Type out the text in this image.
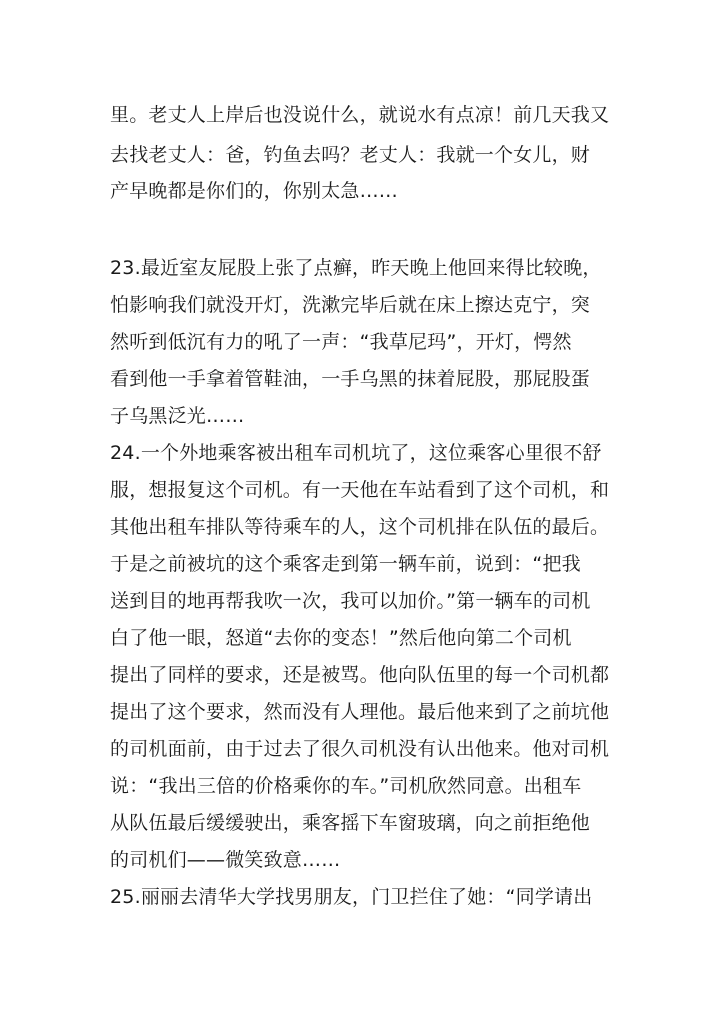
里。老丈人上岸后也没说什么，就说水有点凉！前几天我又

去找老丈人：爸，钓鱼去吗？老丈人：我就一个女儿，财

产早晚都是你们的，你别太急……

23.最近室友屁股上张了点癣，昨天晚上他回来得比较晚，

怕影响我们就没开灯，洗漱完毕后就在床上擦达克宁，突

然听到低沉有力的吼了一声：“我草尼玛”，开灯，愕然

看到他一手拿着管鞋油，一手乌黑的抹着屁股，那屁股蛋

子乌黑泛光……

24.一个外地乘客被出租车司机坑了，这位乘客心里很不舒

服，想报复这个司机。有一天他在车站看到了这个司机，和

其他出租车排队等待乘车的人，这个司机排在队伍的最后。

于是之前被坑的这个乘客走到第一辆车前，说到：“把我

送到目的地再帮我吹一次，我可以加价。”第一辆车的司机

白了他一眼，怒道“去你的变态！”然后他向第二个司机

提出了同样的要求，还是被骂。他向队伍里的每一个司机都

提出了这个要求，然而没有人理他。最后他来到了之前坑他

的司机面前，由于过去了很久司机没有认出他来。他对司机

说：“我出三倍的价格乘你的车。”司机欣然同意。出租车

从队伍最后缓缓驶出，乘客摇下车窗玻璃，向之前拒绝他

的司机们——微笑致意……

25.丽丽去清华大学找男朋友，门卫拦住了她：“同学请出
